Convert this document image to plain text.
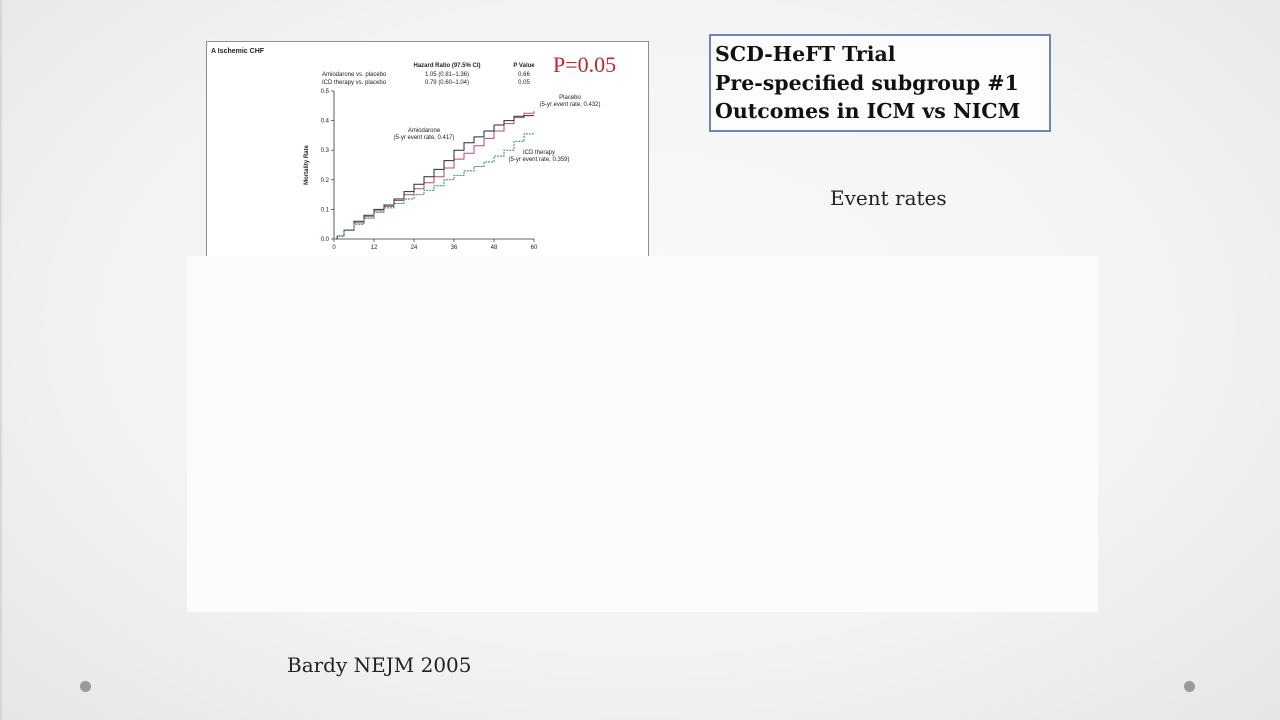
A Ischemic CHF
Hazard Ratio (97.5% CI)	P Value
Amiodarone vs. placebo	1.05 (0.81–1.36)	0.66
ICD therapy vs. placebo	0.79 (0.60–1.04)	0.05
Mortality Rate
0	12	24	36	48	60
0.0
0.1
0.2
0.3
0.4
0.5
Placebo
(5-yr event rate, 0.432)
Amiodarone
(5-yr event rate, 0.417)
ICD therapy
(5-yr event rate, 0.359)
P=0.05	SCD-HeFT Trial
Pre-specified subgroup #1
Outcomes in ICM vs NICM
Event rates
Bardy NEJM 2005
